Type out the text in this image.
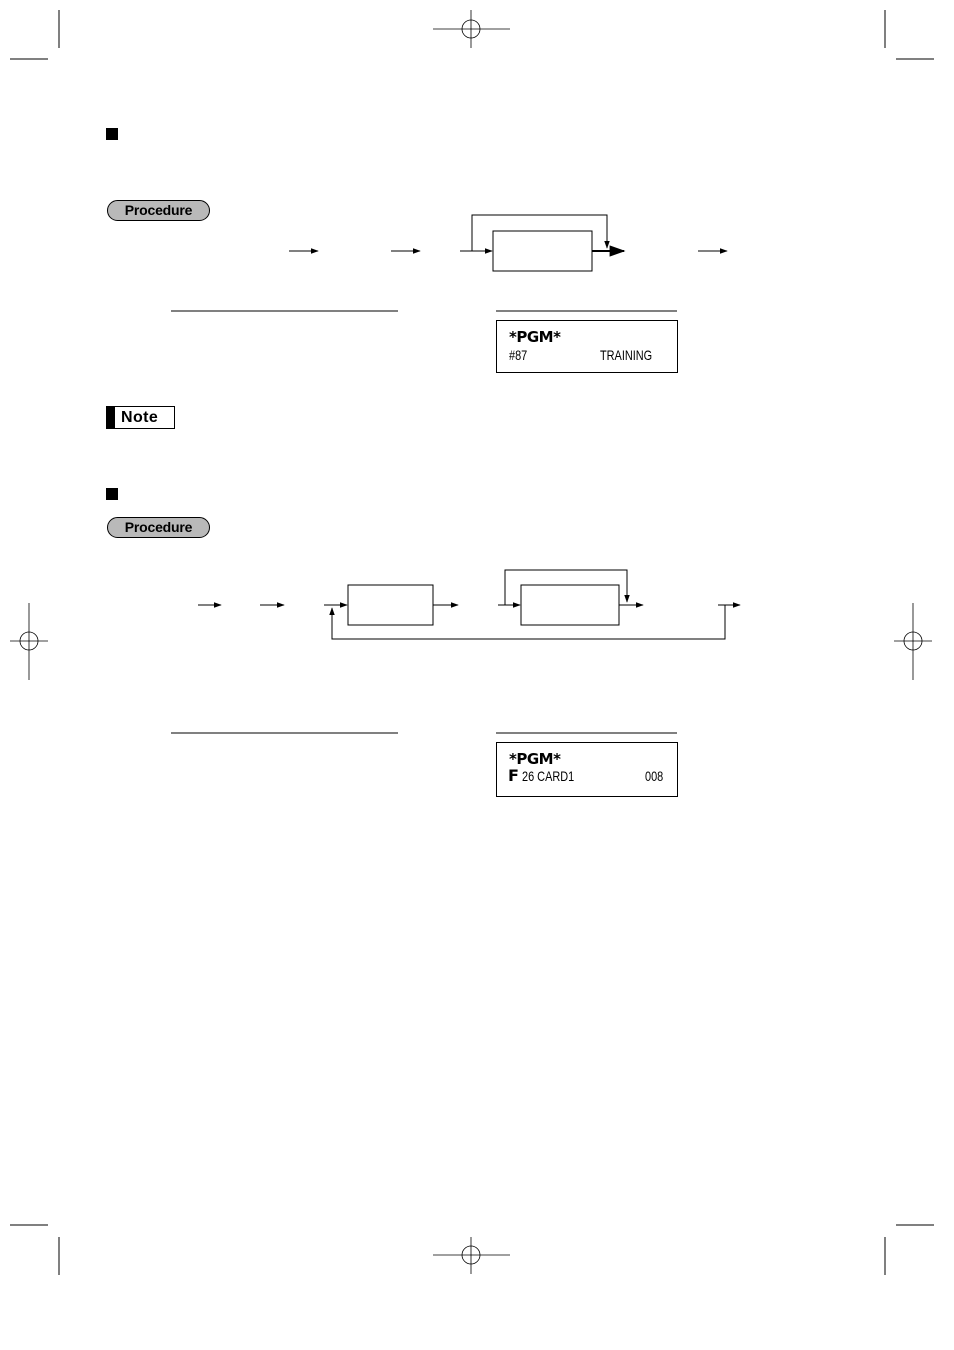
Procedure
*PGM*
#87	TRAINING
Note
Procedure
*PGM*
F 26 CARD1	008
